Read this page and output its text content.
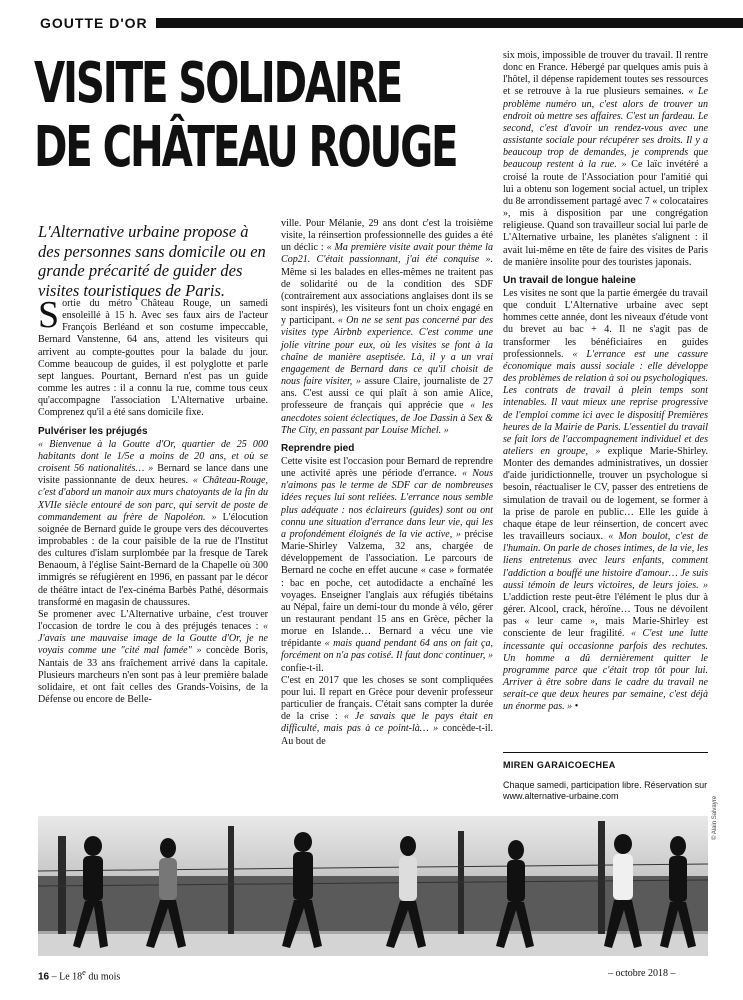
GOUTTE D'OR
VISITE SOLIDAIRE
DE CHÂTEAU ROUGE

L'Alternative urbaine propose à des personnes sans domicile ou en grande précarité de guider des visites touristiques de Paris.

Sortie du métro Château Rouge, un samedi ensoleillé à 15 h. Avec ses faux airs de l'acteur François Berléand et son costume impeccable, Bernard Vanstenne, 64 ans, attend les visiteurs qui arrivent au compte-gouttes pour la balade du jour. Comme beaucoup de guides, il est polyglotte et parle sept langues. Pourtant, Bernard n'est pas un guide comme les autres : il a connu la rue, comme tous ceux qu'accompagne l'association L'Alternative urbaine. Comprenez qu'il a été sans domicile fixe.

Pulvériser les préjugés

« Bienvenue à la Goutte d'Or, quartier de 25 000 habitants dont le 1/5e a moins de 20 ans, et où se croisent 56 nationalités… » Bernard se lance dans une visite passionnante de deux heures. « Château-Rouge, c'est d'abord un manoir aux murs chatoyants de la fin du XVIIe siècle entouré de son parc, qui servit de poste de commandement au frère de Napoléon. » L'élocution soignée de Bernard guide le groupe vers des découvertes improbables : de la cour paisible de la rue de l'Institut des cultures d'islam surplombée par la fresque de Tarek Benaoum, à l'église Saint-Bernard de la Chapelle où 300 immigrés se réfugièrent en 1996, en passant par le décor de théâtre intact de l'ex-cinéma Barbès Pathé, désormais transformé en magasin de chaussures.

Se promener avec L'Alternative urbaine, c'est trouver l'occasion de tordre le cou à des préjugés tenaces : « J'avais une mauvaise image de la Goutte d'Or, je ne voyais comme une "cité mal famée" » concède Boris, Nantais de 33 ans fraîchement arrivé dans la capitale. Plusieurs marcheurs n'en sont pas à leur première balade solidaire, et ont fait celles des Grands-Voisins, de la Défense ou encore de Belle-

ville. Pour Mélanie, 29 ans dont c'est la troisième visite, la réinsertion professionnelle des guides a été un déclic : « Ma première visite avait pour thème la Cop21. C'était passionnant, j'ai été conquise ». Même si les balades en elles-mêmes ne traitent pas de solidarité ou de la condition des SDF (contrairement aux associations anglaises dont ils se sont inspirés), les visiteurs font un choix engagé en y participant. « On ne se sent pas concerné par des visites type Airbnb experience. C'est comme une jolie vitrine pour eux, où les visites se font à la chaîne de manière aseptisée. Là, il y a un vrai engagement de Bernard dans ce qu'il choisit de nous faire visiter, » assure Claire, journaliste de 27 ans. C'est aussi ce qui plaît à son amie Alice, professeure de français qui apprécie que « les anecdotes soient éclectiques, de Joe Dassin à Sex & The City, en passant par Louise Michel. »

Reprendre pied

Cette visite est l'occasion pour Bernard de reprendre une activité après une période d'errance. « Nous n'aimons pas le terme de SDF car de nombreuses idées reçues lui sont reliées. L'errance nous semble plus adéquate : nos éclaireurs (guides) sont ou ont connu une situation d'errance dans leur vie, qui les a profondément éloignés de la vie active, » précise Marie-Shirley Valzema, 32 ans, chargée de développement de l'association. Le parcours de Bernard ne coche en effet aucune « case » formatée : bac en poche, cet autodidacte a enchaîné les voyages. Enseigner l'anglais aux réfugiés tibétains au Népal, faire un demi-tour du monde à vélo, gérer un restaurant pendant 15 ans en Grèce, pêcher la morue en Islande… Bernard a vécu une vie trépidante « mais quand pendant 64 ans on fait ça, forcément on n'a pas cotisé. Il faut donc continuer, » confie-t-il.

C'est en 2017 que les choses se sont compliquées pour lui. Il repart en Grèce pour devenir professeur particulier de français. C'était sans compter la durée de la crise : « Je savais que le pays était en difficulté, mais pas à ce point-là… » concède-t-il. Au bout de

six mois, impossible de trouver du travail. Il rentre donc en France. Hébergé par quelques amis puis à l'hôtel, il dépense rapidement toutes ses ressources et se retrouve à la rue plusieurs semaines. « Le problème numéro un, c'est alors de trouver un endroit où mettre ses affaires. C'est un fardeau. Le second, c'est d'avoir un rendez-vous avec une assistante sociale pour récupérer ses droits. Il y a beaucoup trop de demandes, je comprends que beaucoup restent à la rue. » Ce laïc invétéré a croisé la route de l'Association pour l'amitié qui lui a obtenu son logement social actuel, un triplex du 8e arrondissement partagé avec 7 « colocataires », mis à disposition par une congrégation religieuse. Quand son travailleur social lui parle de L'Alternative urbaine, les planètes s'alignent : il avait lui-même en tête de faire des visites de Paris de manière insolite pour des touristes japonais.

Un travail de longue haleine

Les visites ne sont que la partie émergée du travail que conduit L'Alternative urbaine avec sept hommes cette année, dont les niveaux d'étude vont du brevet au bac + 4. Il ne s'agit pas de transformer les bénéficiaires en guides professionnels. « L'errance est une cassure économique mais aussi sociale : elle développe des problèmes de relation à soi ou psychologiques. Les contrats de travail à plein temps sont intenables. Il vaut mieux une reprise progressive de l'emploi comme ici avec le dispositif Premières heures de la Mairie de Paris. L'essentiel du travail se fait lors de l'accompagnement individuel et des ateliers en groupe, » explique Marie-Shirley. Monter des demandes administratives, un dossier d'aide juridictionnelle, trouver un psychologue si besoin, réactualiser le CV, passer des entretiens de simulation de travail ou de logement, se former à la prise de parole en public… Elle les guide à chaque étape de leur réinsertion, de concert avec les travailleurs sociaux. « Mon boulot, c'est de l'humain. On parle de choses intimes, de la vie, les liens entretenus avec leurs enfants, comment l'addiction a bouffé une histoire d'amour… Je suis aussi témoin de leurs victoires, de leurs joies. » L'addiction reste peut-être l'élément le plus dur à gérer. Alcool, crack, héroïne… Tous ne dévoilent pas « leur came », mais Marie-Shirley est consciente de leur fragilité. « C'est une lutte incessante qui occasionne parfois des rechutes. Un homme a dû dernièrement quitter le programme parce que c'était trop tôt pour lui. Arriver à être sobre dans le cadre du travail ne serait-ce que deux heures par semaine, c'est déjà un énorme pas. » •

MIREN GARAICOECHEA

Chaque samedi, participation libre. Réservation sur www.alternative-urbaine.com	© Alain Salvayre
16 – Le 18e du mois	– octobre 2018 –
